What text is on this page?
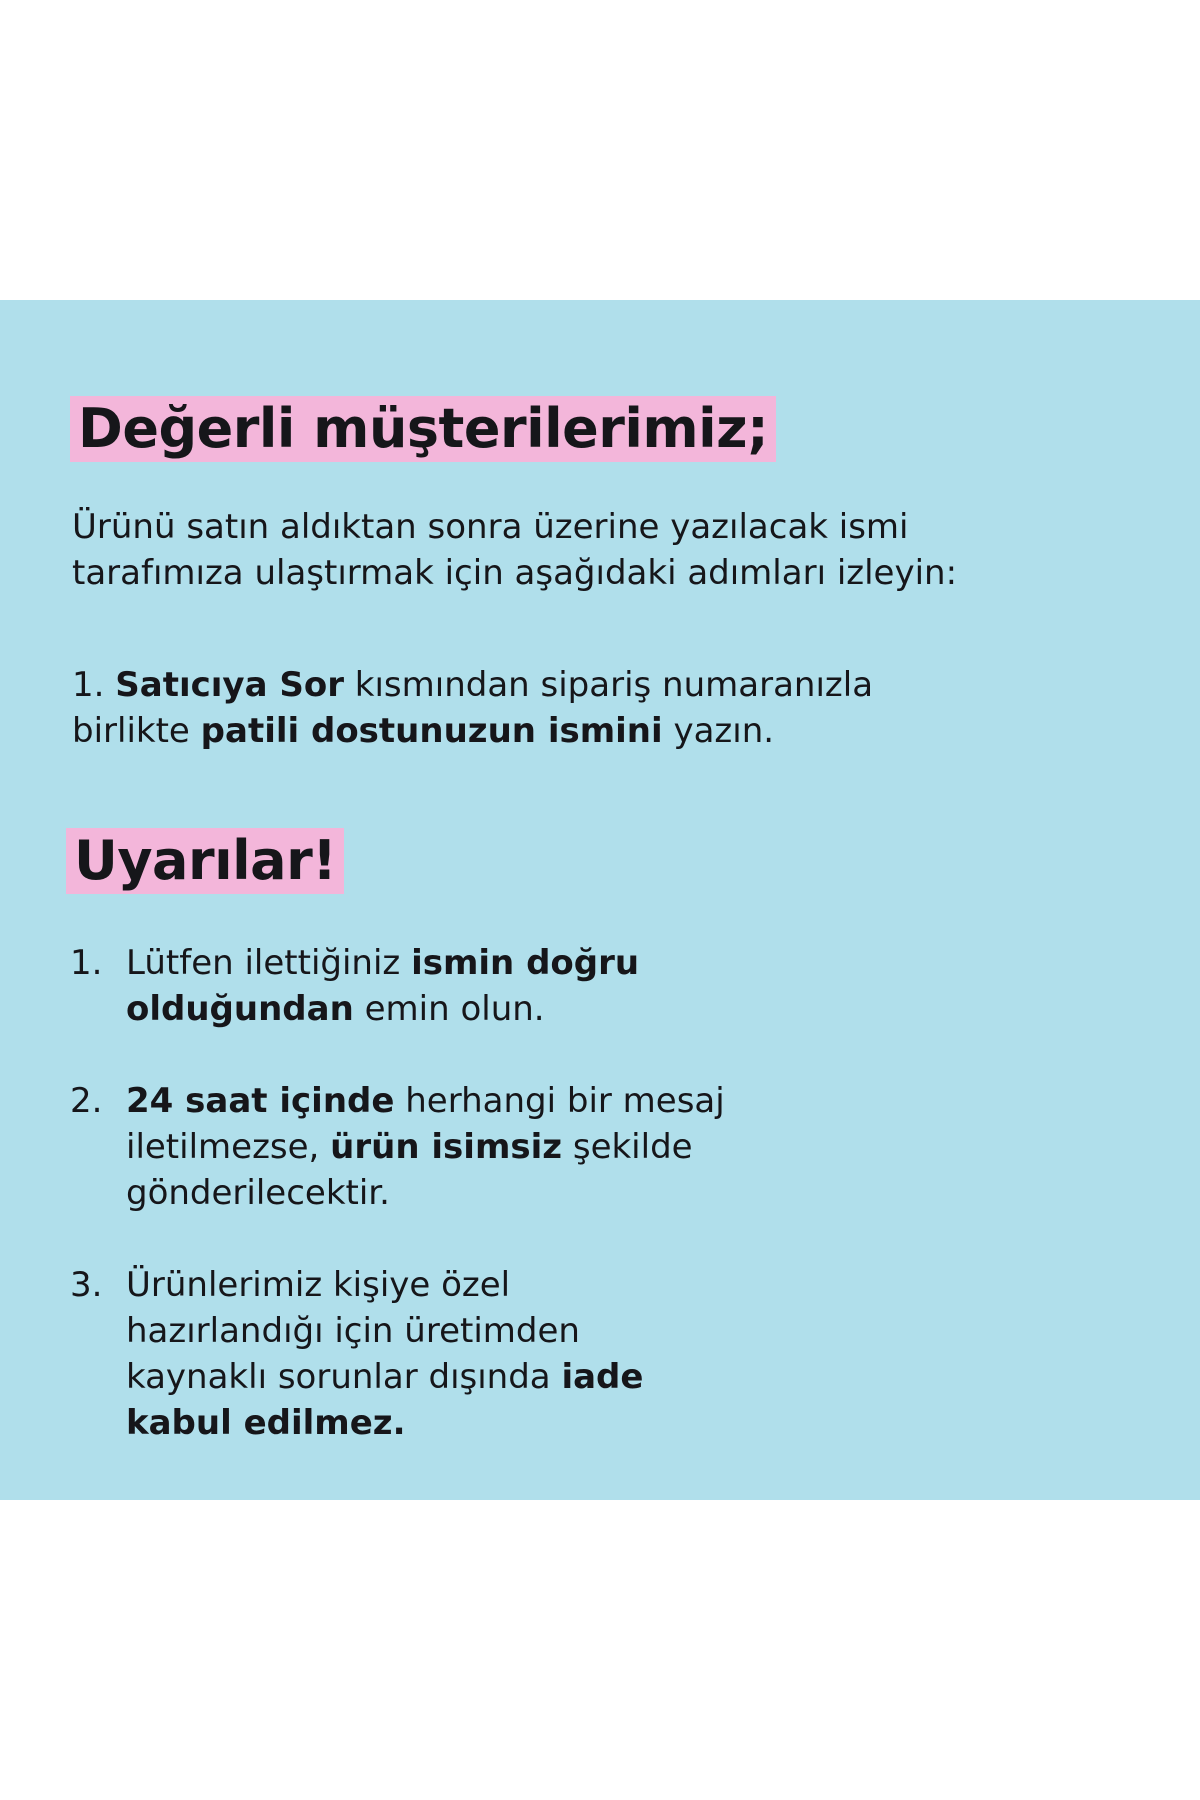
Değerli müşterilerimiz;

Ürünü satın aldıktan sonra üzerine yazılacak ismi

tarafımıza ulaştırmak için aşağıdaki adımları izleyin:

1. Satıcıya Sor kısmından sipariş numaranızla

birlikte patili dostunuzun ismini yazın.

Uyarılar!
1. Lütfen ilettiğiniz ismin doğru
olduğundan emin olun.
2. 24 saat içinde herhangi bir mesaj
iletilmezse, ürün isimsiz şekilde
gönderilecektir.
3. Ürünlerimiz kişiye özel
hazırlandığı için üretimden
kaynaklı sorunlar dışında iade
kabul edilmez.
